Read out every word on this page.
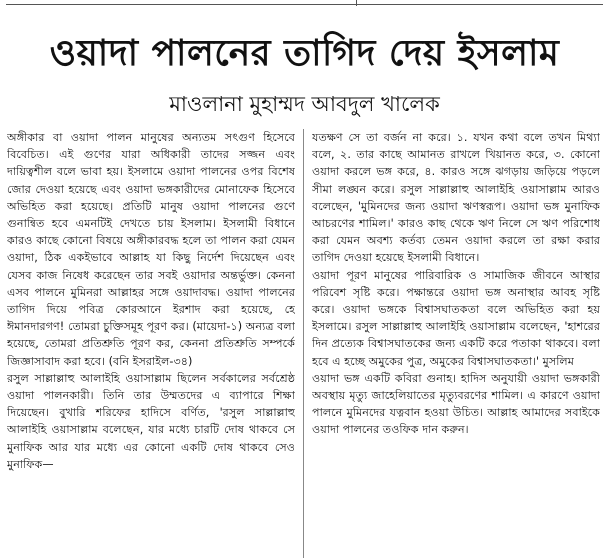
ওয়াদা পালনের তাগিদ দেয় ইসলাম
মাওলানা মুহাম্মদ আবদুল খালেক

অঙ্গীকার বা ওয়াদা পালন মানুষের অন্যতম সৎগুণ হিসেবে বিবেচিত। এই গুণের যারা অধিকারী তাদের সজ্জন এবং দায়িত্বশীল বলে ভাবা হয়। ইসলামে ওয়াদা পালনের ওপর বিশেষ জোর দেওয়া হয়েছে এবং ওয়াদা ভঙ্গকারীদের মোনাফেক হিসেবে অভিহিত করা হয়েছে। প্রতিটি মানুষ ওয়াদা পালনের গুণে গুনান্বিত হবে এমনটিই দেখতে চায় ইসলাম। ইসলামী বিধানে কারও কাছে কোনো বিষয়ে অঙ্গীকারবদ্ধ হলে তা পালন করা যেমন ওয়াদা, ঠিক একইভাবে আল্লাহ যা কিছু নির্দেশ দিয়েছেন এবং যেসব কাজ নিষেধ করেছেন তার সবই ওয়াদার অন্তর্ভুক্ত। কেননা এসব পালনে মুমিনরা আল্লাহর সঙ্গে ওয়াদাবদ্ধ। ওয়াদা পালনের তাগিদ দিয়ে পবিত্র কোরআনে ইরশাদ করা হয়েছে, হে ঈমানদারগণ! তোমরা চুক্তিসমূহ পূরণ কর। (মায়েদা-১) অন্যত্র বলা হয়েছে, তোমরা প্রতিশ্রুতি পূরণ কর, কেননা প্রতিশ্রুতি সম্পর্কে জিজ্ঞাসাবাদ করা হবে। (বনি ইসরাইল-৩৪)

রসুল সাল্লাল্লাহু আলাইহি ওয়াসাল্লাম ছিলেন সর্বকালের সর্বশ্রেষ্ঠ ওয়াদা পালনকারী। তিনি তার উম্মতদের এ ব্যাপারে শিক্ষা দিয়েছেন। বুখারি শরিফের হাদিসে বর্ণিত, 'রসুল সাল্লাল্লাহু আলাইহি ওয়াসাল্লাম বলেছেন, যার মধ্যে চারটি দোষ থাকবে সে মুনাফিক আর যার মধ্যে এর কোনো একটি দোষ থাকবে সেও মুনাফিক—

যতক্ষণ সে তা বর্জন না করে। ১. যখন কথা বলে তখন মিথ্যা বলে, ২. তার কাছে আমানত রাখলে খিয়ানত করে, ৩. কোনো ওয়াদা করলে ভঙ্গ করে, ৪. কারও সঙ্গে ঝগড়ায় জড়িয়ে পড়লে সীমা লঙ্ঘন করে। রসুল সাল্লাল্লাহু আলাইহি ওয়াসাল্লাম আরও বলেছেন, 'মুমিনদের জন্য ওয়াদা ঋণস্বরূপ। ওয়াদা ভঙ্গ মুনাফিক আচরণের শামিল।' কারও কাছ থেকে ঋণ নিলে সে ঋণ পরিশোধ করা যেমন অবশ্য কর্তব্য তেমন ওয়াদা করলে তা রক্ষা করার তাগিদ দেওয়া হয়েছে ইসলামী বিধানে।

ওয়াদা পূরণ মানুষের পারিবারিক ও সামাজিক জীবনে আস্থার পরিবেশ সৃষ্টি করে। পক্ষান্তরে ওয়াদা ভঙ্গ অনাস্থার আবহ সৃষ্টি করে। ওয়াদা ভঙ্গকে বিশ্বাসঘাতকতা বলে অভিহিত করা হয় ইসলামে। রসুল সাল্লাল্লাহু আলাইহি ওয়াসাল্লাম বলেছেন, 'হাশরের দিন প্রত্যেক বিশ্বাসঘাতকের জন্য একটি করে পতাকা থাকবে। বলা হবে এ হচ্ছে অমুকের পুত্র, অমুকের বিশ্বাসঘাতকতা।' মুসলিম

ওয়াদা ভঙ্গ একটি কবিরা গুনাহ। হাদিস অনুযায়ী ওয়াদা ভঙ্গকারী অবস্থায় মৃত্যু জাহেলিয়াতের মৃত্যুবরণের শামিল। এ কারণে ওয়াদা পালনে মুমিনদের যত্নবান হওয়া উচিত। আল্লাহ আমাদের সবাইকে ওয়াদা পালনের তওফিক দান করুন।
